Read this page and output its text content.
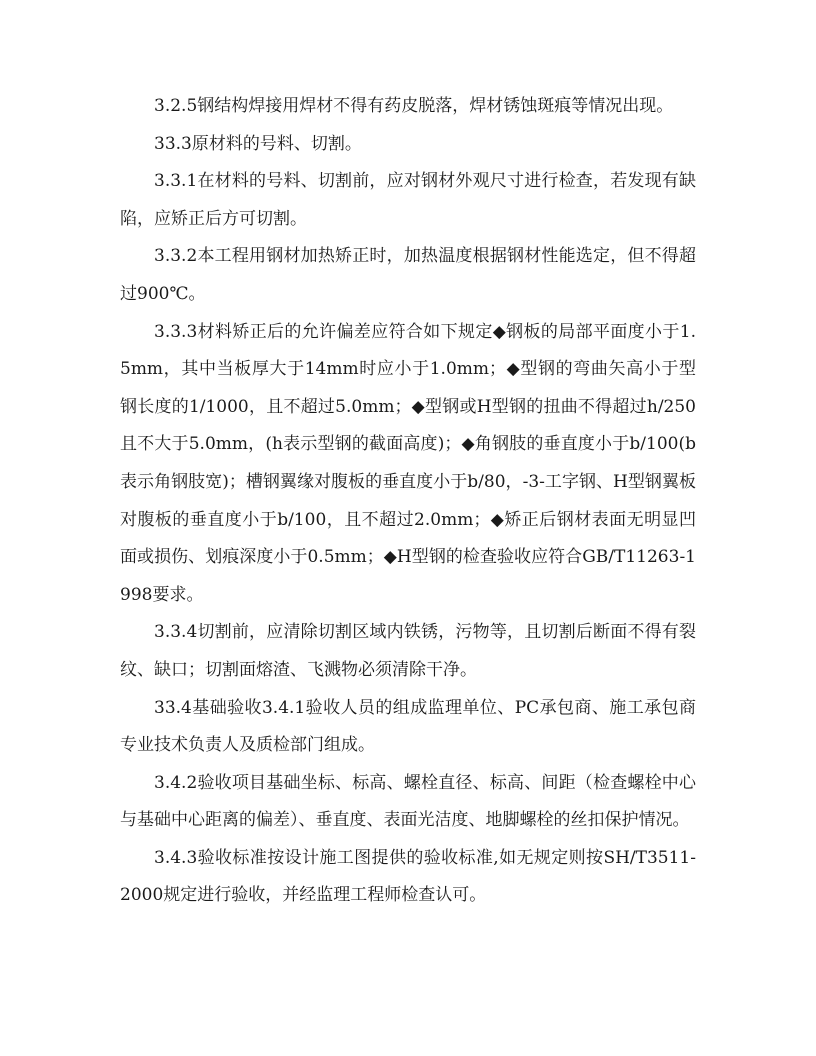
3.2.5钢结构焊接用焊材不得有药皮脱落，焊材锈蚀斑痕等情况出现。

33.3原材料的号料、切割。

3.3.1在材料的号料、切割前，应对钢材外观尺寸进行检查，若发现有缺陷，应矫正后方可切割。

3.3.2本工程用钢材加热矫正时，加热温度根据钢材性能选定，但不得超过900℃。

3.3.3材料矫正后的允许偏差应符合如下规定◆钢板的局部平面度小于1.5mm，其中当板厚大于14mm时应小于1.0mm；◆型钢的弯曲矢高小于型钢长度的1/1000，且不超过5.0mm；◆型钢或H型钢的扭曲不得超过h/250且不大于5.0mm，(h表示型钢的截面高度)；◆角钢肢的垂直度小于b/100(b表示角钢肢宽)；槽钢翼缘对腹板的垂直度小于b/80，-3-工字钢、H型钢翼板对腹板的垂直度小于b/100，且不超过2.0mm；◆矫正后钢材表面无明显凹面或损伤、划痕深度小于0.5mm；◆H型钢的检查验收应符合GB/T11263-1998要求。

3.3.4切割前，应清除切割区域内铁锈，污物等，且切割后断面不得有裂纹、缺口；切割面熔渣、飞溅物必须清除干净。

33.4基础验收3.4.1验收人员的组成监理单位、PC承包商、施工承包商专业技术负责人及质检部门组成。

3.4.2验收项目基础坐标、标高、螺栓直径、标高、间距（检查螺栓中心与基础中心距离的偏差）、垂直度、表面光洁度、地脚螺栓的丝扣保护情况。

3.4.3验收标准按设计施工图提供的验收标准,如无规定则按SH/T3511-2000规定进行验收，并经监理工程师检查认可。
